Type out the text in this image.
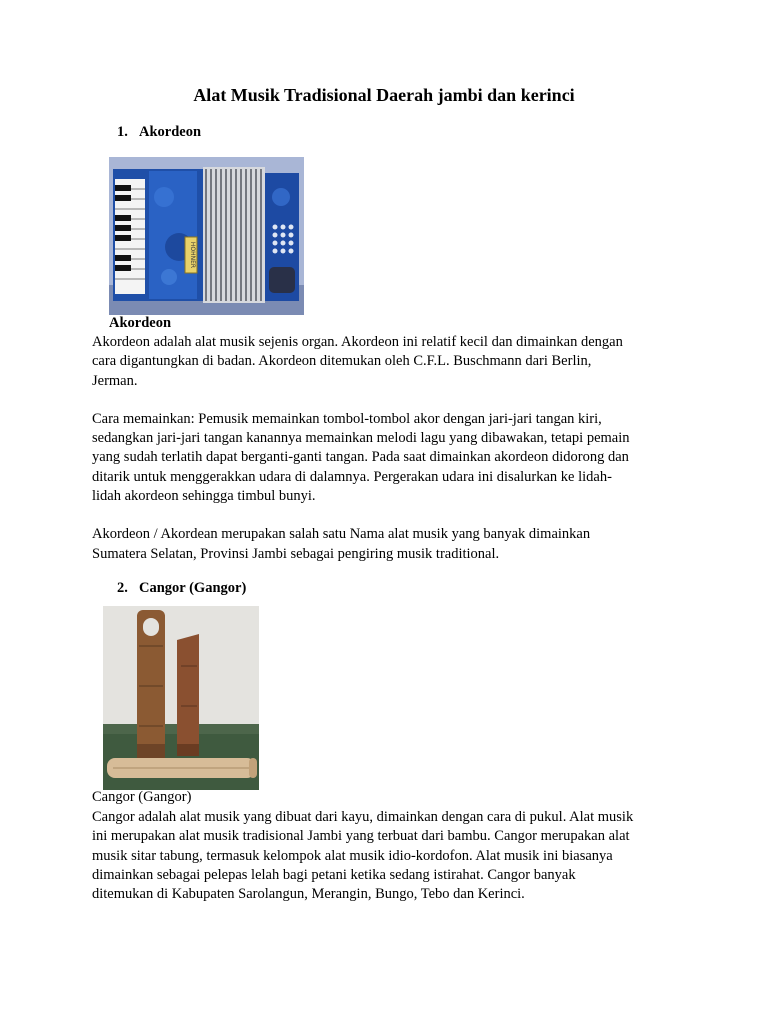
Alat Musik Tradisional Daerah jambi dan kerinci
1. Akordeon
HOHNER
Akordeon

Akordeon adalah alat musik sejenis organ. Akordeon ini relatif kecil dan dimainkan dengan
cara digantungkan di badan. Akordeon ditemukan oleh C.F.L. Buschmann dari Berlin,
Jerman.

Cara memainkan: Pemusik memainkan tombol-tombol akor dengan jari-jari tangan kiri,
sedangkan jari-jari tangan kanannya memainkan melodi lagu yang dibawakan, tetapi pemain
yang sudah terlatih dapat berganti-ganti tangan. Pada saat dimainkan akordeon didorong dan
ditarik untuk menggerakkan udara di dalamnya. Pergerakan udara ini disalurkan ke lidah-
lidah akordeon sehingga timbul bunyi.

Akordeon / Akordean merupakan salah satu Nama alat musik yang banyak dimainkan
Sumatera Selatan, Provinsi Jambi sebagai pengiring musik traditional.

2. Cangor (Gangor)
Cangor (Gangor)

Cangor adalah alat musik yang dibuat dari kayu, dimainkan dengan cara di pukul. Alat musik
ini merupakan alat musik tradisional Jambi yang terbuat dari bambu. Cangor merupakan alat
musik sitar tabung, termasuk kelompok alat musik idio-kordofon. Alat musik ini biasanya
dimainkan sebagai pelepas lelah bagi petani ketika sedang istirahat. Cangor banyak
ditemukan di Kabupaten Sarolangun, Merangin, Bungo, Tebo dan Kerinci.
